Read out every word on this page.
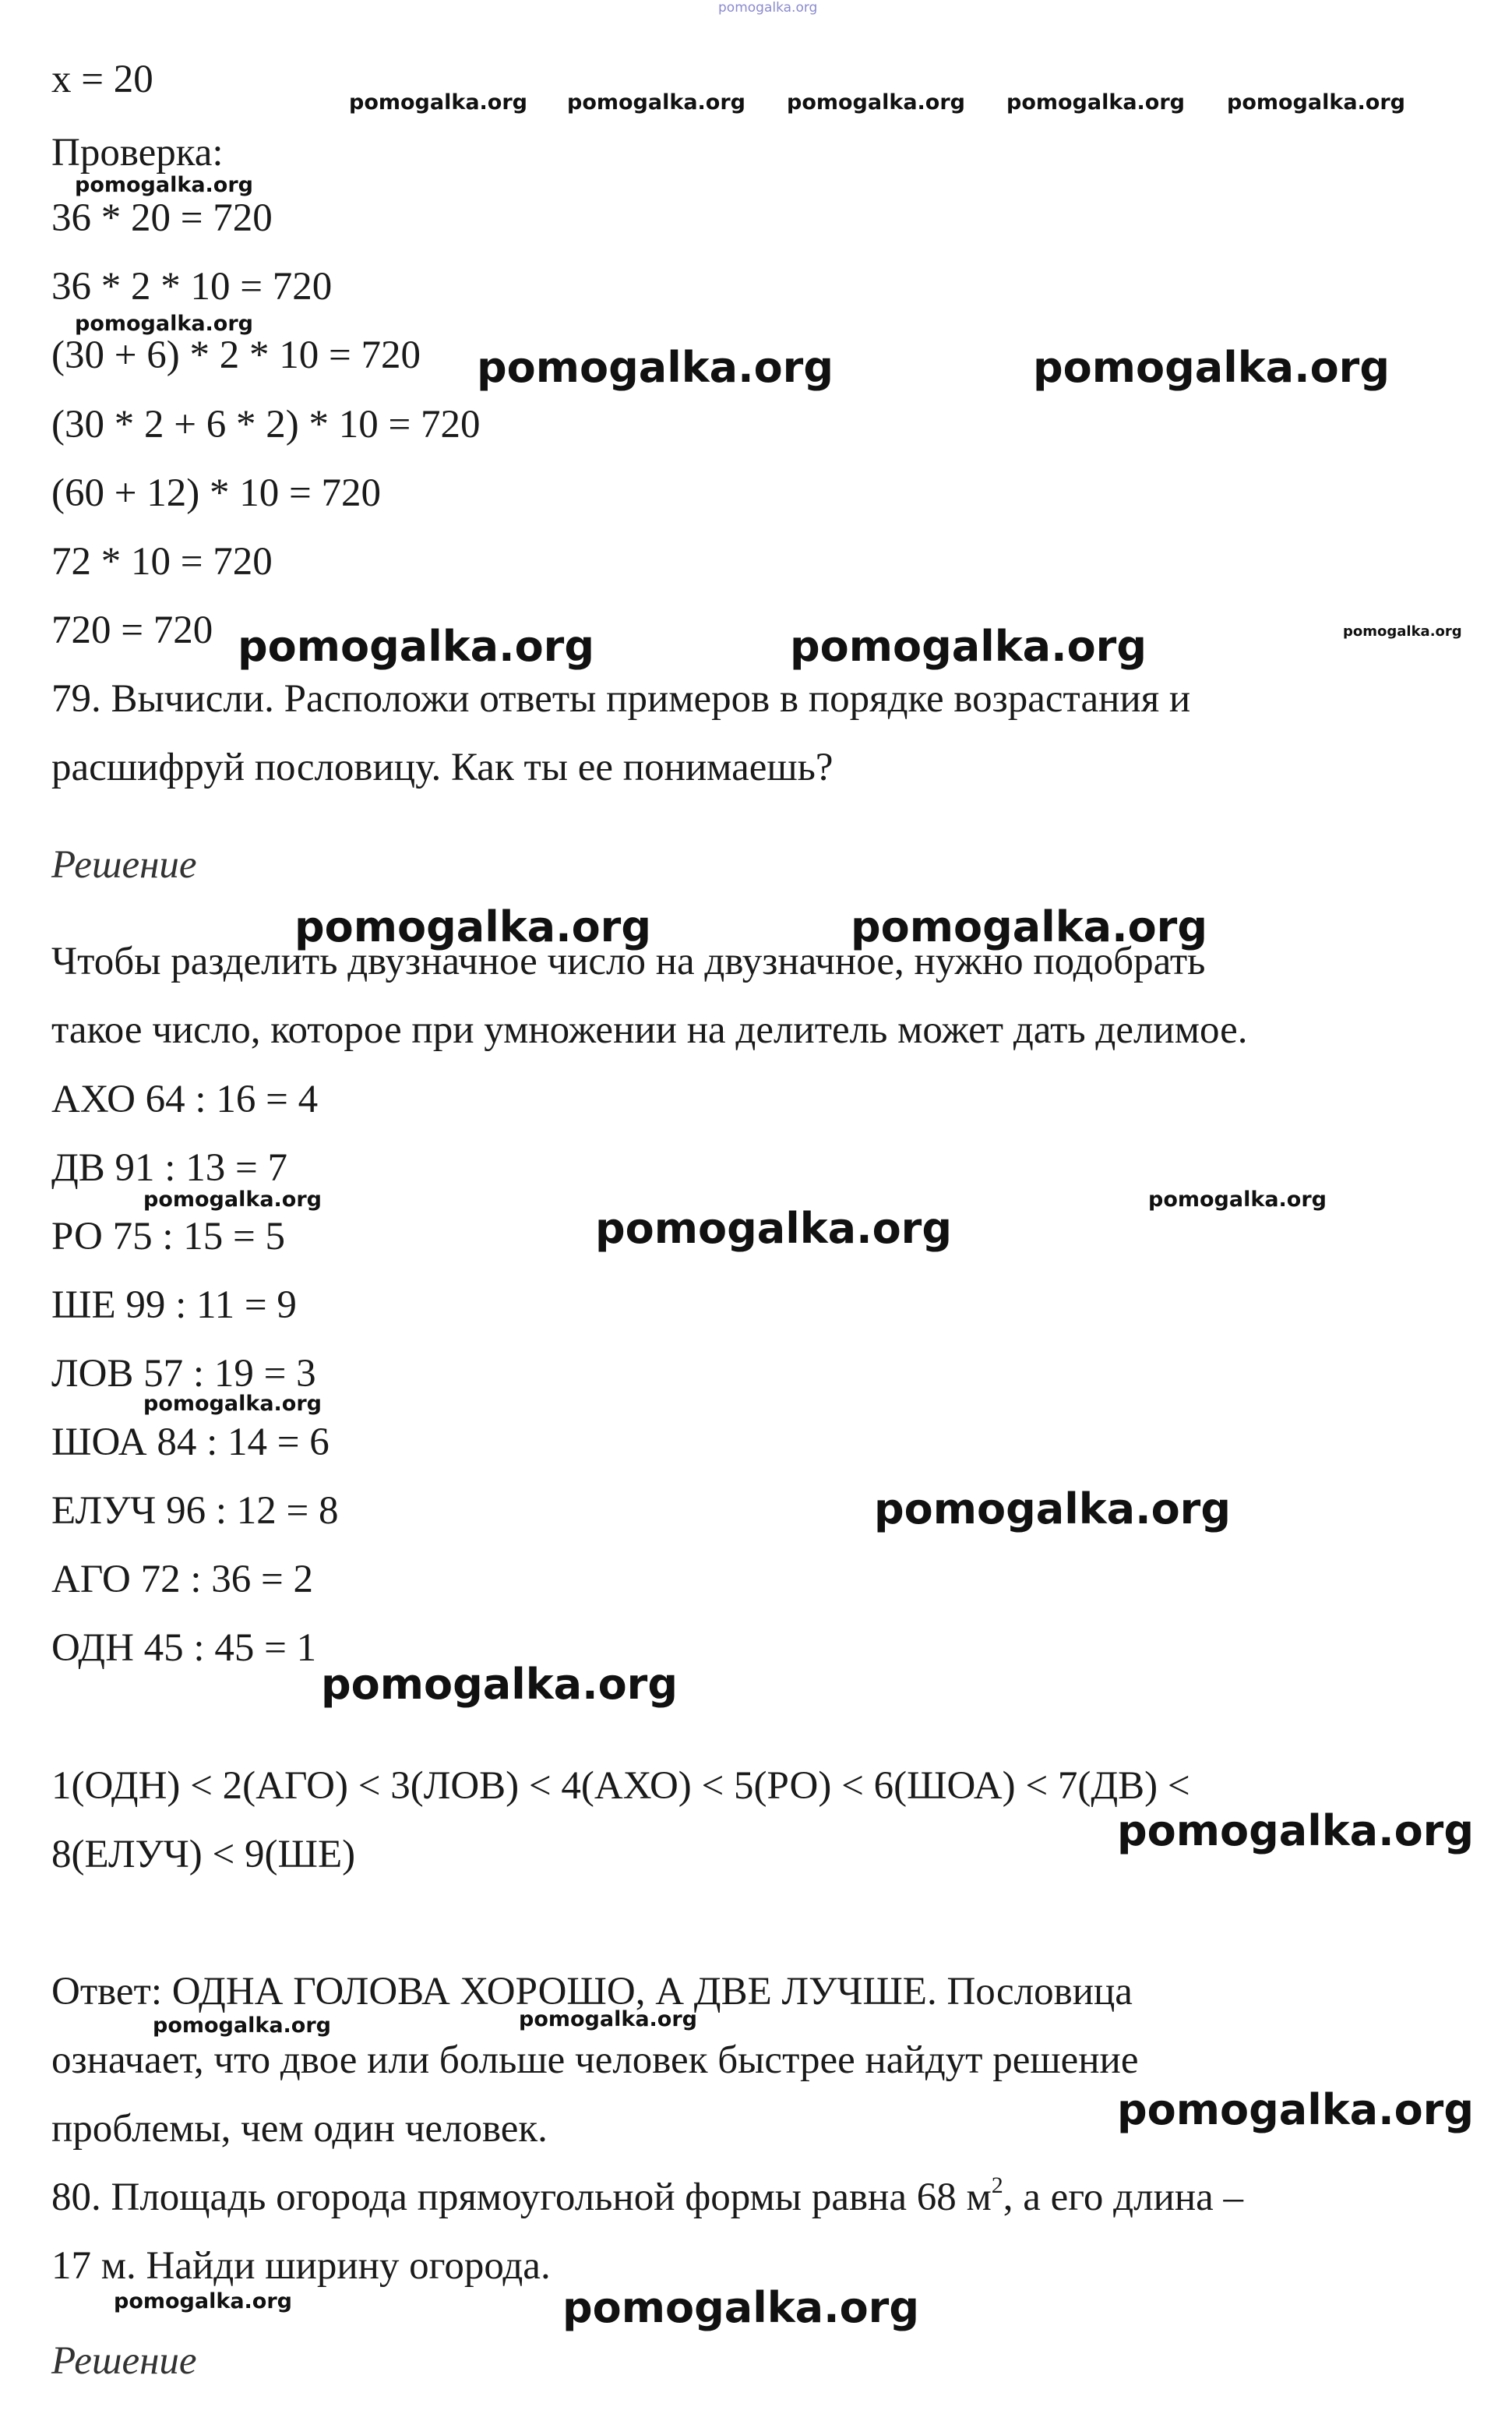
pomogalka.org

x = 20

Проверка:

36 * 20 = 720

36 * 2 * 10 = 720

(30 + 6) * 2 * 10 = 720

(30 * 2 + 6 * 2) * 10 = 720

(60 + 12) * 10 = 720

72 * 10 = 720

720 = 720

79. Вычисли. Расположи ответы примеров в порядке возрастания и

расшифруй пословицу. Как ты ее понимаешь?

Решение

Чтобы разделить двузначное число на двузначное, нужно подобрать

такое число, которое при умножении на делитель может дать делимое.

АХО 64 : 16 = 4

ДВ 91 : 13 = 7

РО 75 : 15 = 5

ШЕ 99 : 11 = 9

ЛОВ 57 : 19 = 3

ШОА 84 : 14 = 6

ЕЛУЧ 96 : 12 = 8

АГО 72 : 36 = 2

ОДН 45 : 45 = 1

1(ОДН) < 2(АГО) < 3(ЛОВ) < 4(АХО) < 5(РО) < 6(ШОА) < 7(ДВ) <

8(ЕЛУЧ) < 9(ШЕ)

Ответ: ОДНА ГОЛОВА ХОРОШО, А ДВЕ ЛУЧШЕ. Пословица

означает, что двое или больше человек быстрее найдут решение

проблемы, чем один человек.

80. Площадь огорода прямоугольной формы равна 68 $м^2$, а его длина –

17 м. Найди ширину огорода.

Решение

pomogalka.org pomogalka.org pomogalka.org pomogalka.org pomogalka.org

pomogalka.org

pomogalka.org

pomogalka.org	pomogalka.org

pomogalka.org	pomogalka.org	pomogalka.org

pomogalka.org	pomogalka.org

pomogalka.org

pomogalka.org

pomogalka.org

pomogalka.org

pomogalka.org

pomogalka.org

pomogalka.org

pomogalka.org	pomogalka.org

pomogalka.org

pomogalka.org	pomogalka.org
